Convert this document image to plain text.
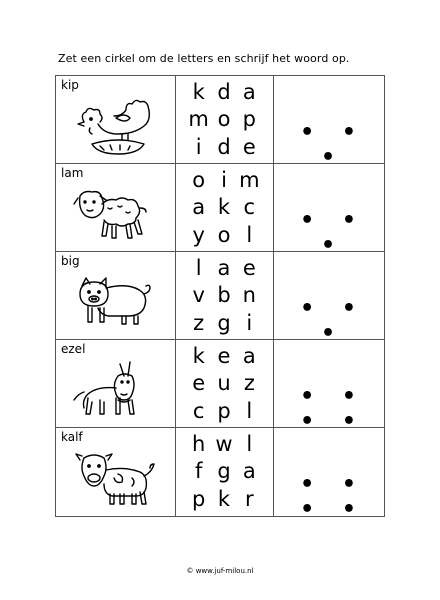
Zet een cirkel om de letters en schrijf het woord op.
kip	k d a
m o p
i d e
• • •
lam	o i m
a k c
y o l
• • •
big	l a e
v b n
z g i
• • •
ezel	k e a
e u z
c p l
• • • •
kalf	h w l
f g a
p k r
• • • •
© www.juf-milou.nl
